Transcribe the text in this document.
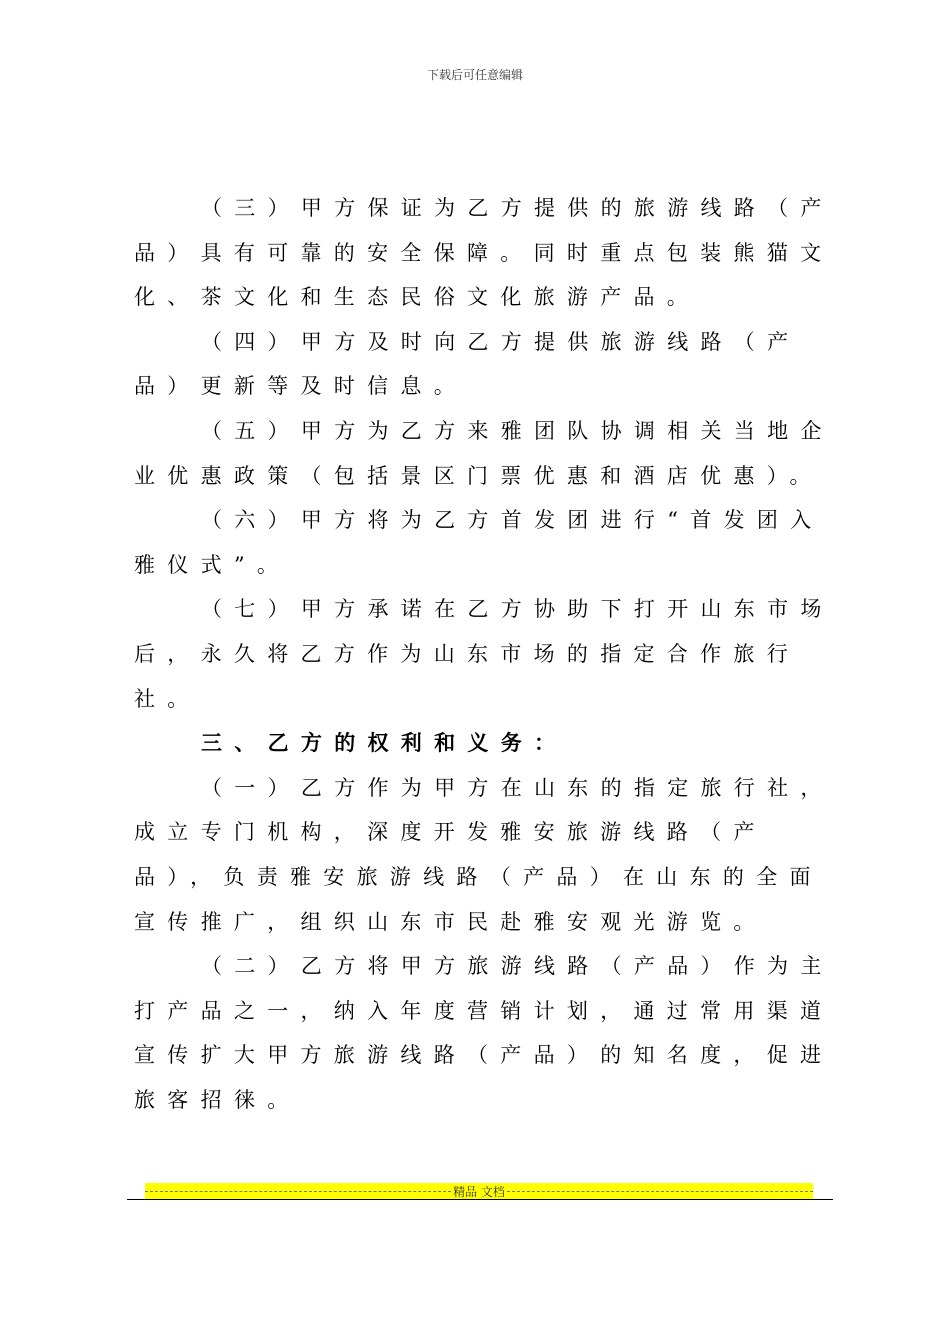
下载后可任意编辑

（三）甲方保证为乙方提供的旅游线路（产品）具有可靠的安全保障。同时重点包装熊猫文化、茶文化和生态民俗文化旅游产品。

（四）甲方及时向乙方提供旅游线路（产品）更新等及时信息。

（五）甲方为乙方来雅团队协调相关当地企业优惠政策（包括景区门票优惠和酒店优惠）。

（六）甲方将为乙方首发团进行“首发团入雅仪式”。

（七）甲方承诺在乙方协助下打开山东市场后，永久将乙方作为山东市场的指定合作旅行社。

三、乙方的权利和义务：

（一）乙方作为甲方在山东的指定旅行社，成立专门机构，深度开发雅安旅游线路（产品），负责雅安旅游线路（产品）在山东的全面宣传推广，组织山东市民赴雅安观光游览。

（二）乙方将甲方旅游线路（产品）作为主打产品之一，纳入年度营销计划，通过常用渠道宣传扩大甲方旅游线路（产品）的知名度，促进旅客招徕。

精品 文档
